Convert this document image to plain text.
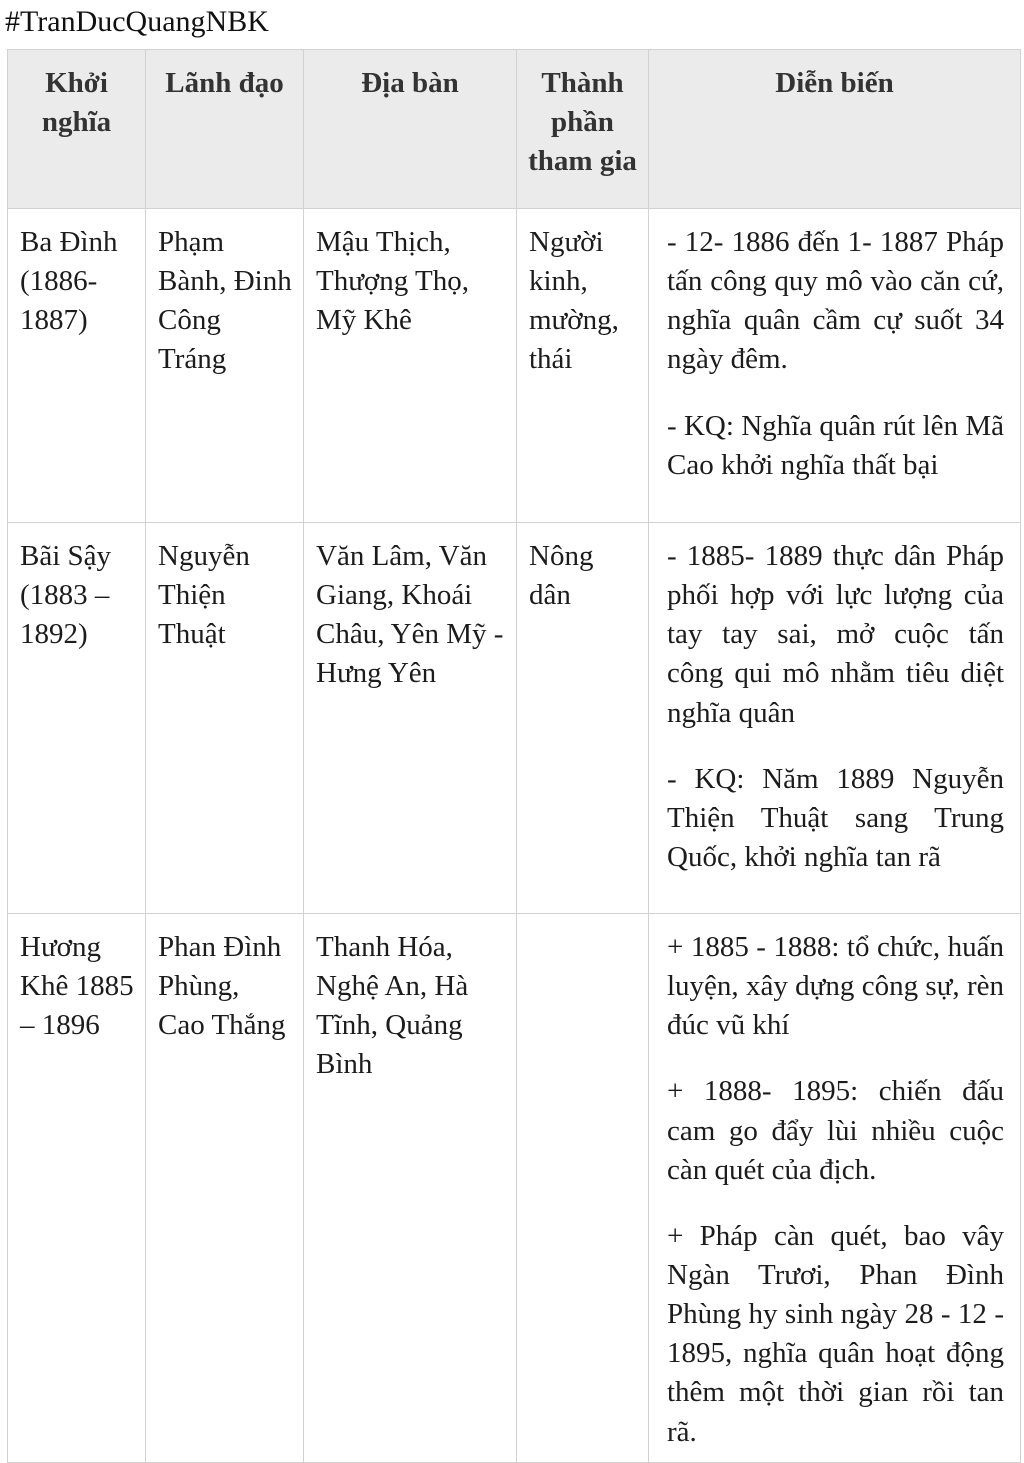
#TranDucQuangNBK
Khởi nghĩa	Lãnh đạo	Địa bàn	Thành phần tham gia	Diễn biến
Ba Đình (1886- 1887)	Phạm Bành, Đinh Công Tráng	Mậu Thịch, Thượng Thọ, Mỹ Khê	Người kinh, mường, thái	- 12- 1886 đến 1- 1887 Pháp tấn công quy mô vào căn cứ, nghĩa quân cầm cự suốt 34 ngày đêm.

- KQ: Nghĩa quân rút lên Mã Cao khởi nghĩa thất bại

Bãi Sậy (1883 – 1892)	Nguyễn Thiện Thuật	Văn Lâm, Văn Giang, Khoái Châu, Yên Mỹ - Hưng Yên	Nông dân	- 1885- 1889 thực dân Pháp phối hợp với lực lượng của tay tay sai, mở cuộc tấn công qui mô nhằm tiêu diệt nghĩa quân

- KQ: Năm 1889 Nguyễn Thiện Thuật sang Trung Quốc, khởi nghĩa tan rã

Hương Khê 1885 – 1896	Phan Đình Phùng, Cao Thắng	Thanh Hóa, Nghệ An, Hà Tĩnh, Quảng Bình		+ 1885 - 1888: tổ chức, huấn luyện, xây dựng công sự, rèn đúc vũ khí

+ 1888- 1895: chiến đấu cam go đẩy lùi nhiều cuộc càn quét của địch.

+ Pháp càn quét, bao vây Ngàn Trươi, Phan Đình Phùng hy sinh ngày 28 - 12 - 1895, nghĩa quân hoạt động thêm một thời gian rồi tan rã.
